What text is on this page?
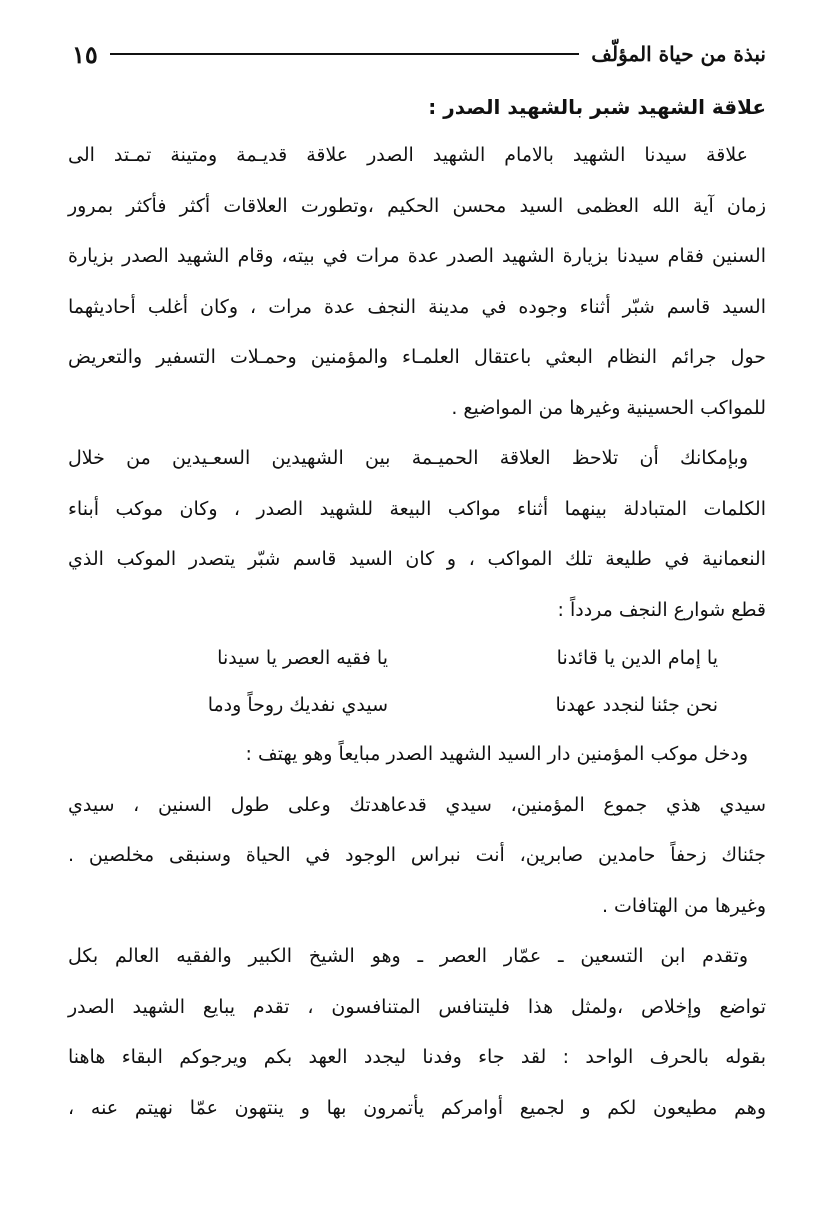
نبذة من حياة المؤلّف
١٥
علاقة الشهيد شبر بالشهيد الصدر :
علاقة سيدنا الشهيد بالامام الشهيد الصدر علاقة قديـمة ومتينة تمـتد الى
زمان آية الله العظمى السيد محسن الحكيم ،وتطورت العلاقات أكثر فأكثر بمرور
السنين فقام سيدنا بزيارة الشهيد الصدر عدة مرات في بيته، وقام الشهيد الصدر بزيارة
السيد قاسم شبّر أثناء وجوده في مدينة النجف عدة مرات ، وكان أغلب أحاديثهما
حول جرائم النظام البعثي باعتقال العلمـاء والمؤمنين وحمـلات التسفير والتعريض
للمواكب الحسينية وغيرها من المواضيع .
وبإمكانك أن تلاحظ العلاقة الحميـمة بين الشهيدين السعـيدين من خلال
الكلمات المتبادلة بينهما أثناء مواكب البيعة للشهيد الصدر ، وكان موكب أبناء
النعمانية في طليعة تلك المواكب ، و كان السيد قاسم شبّر يتصدر الموكب الذي
قطع شوارع النجف مردداً :
يا إمام الدين يا قائدنا
يا فقيه العصر يا سيدنا
نحن جئنا لنجدد عهدنا
سيدي نفديك روحاً ودما
ودخل موكب المؤمنين دار السيد الشهيد الصدر مبايعاً وهو يهتف :
سيدي هذي جموع المؤمنين، سيدي قدعاهدتك وعلى طول السنين ، سيدي
جئناك زحفاً حامدين صابرين، أنت نبراس الوجود في الحياة وسنبقى مخلصين .
وغيرها من الهتافات .
وتقدم ابن التسعين ـ عمّار العصر ـ وهو الشيخ الكبير والفقيه العالم بكل
تواضع وإخلاص ،ولمثل هذا فليتنافس المتنافسون ، تقدم يبايع الشهيد الصدر
بقوله بالحرف الواحد : لقد جاء وفدنا ليجدد العهد بكم ويرجوكم البقاء هاهنا
وهم مطيعون لكم و لجميع أوامركم يأتمرون بها و ينتهون عمّا نهيتم عنه ،
